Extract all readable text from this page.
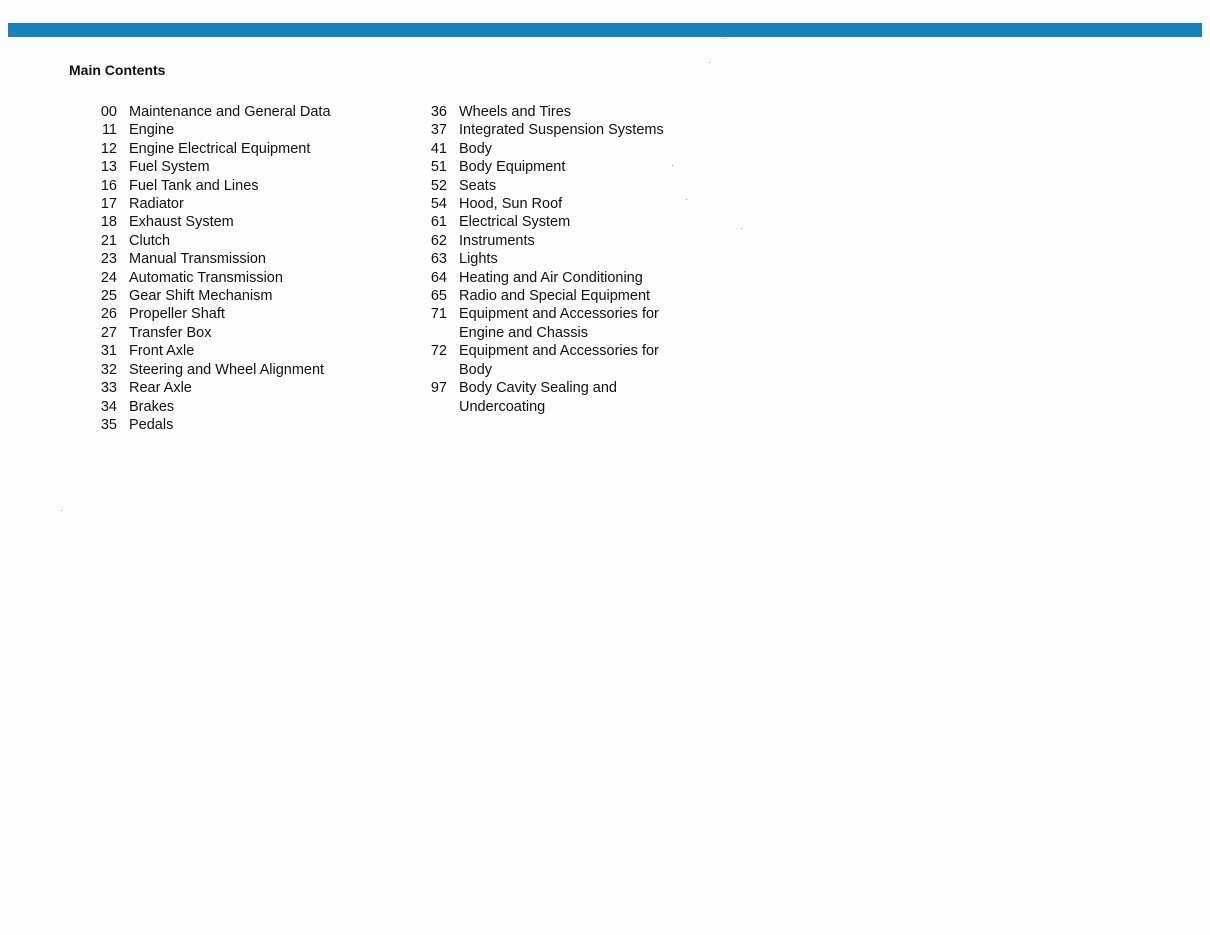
Main Contents
00 Maintenance and General Data
11 Engine
12 Engine Electrical Equipment
13 Fuel System
16 Fuel Tank and Lines
17 Radiator
18 Exhaust System
21 Clutch
23 Manual Transmission
24 Automatic Transmission
25 Gear Shift Mechanism
26 Propeller Shaft
27 Transfer Box
31 Front Axle
32 Steering and Wheel Alignment
33 Rear Axle
34 Brakes
35 Pedals
36 Wheels and Tires
37 Integrated Suspension Systems
41 Body
51 Body Equipment
52 Seats
54 Hood, Sun Roof
61 Electrical System
62 Instruments
63 Lights
64 Heating and Air Conditioning
65 Radio and Special Equipment
71 Equipment and Accessories for Engine and Chassis
72 Equipment and Accessories for Body
97 Body Cavity Sealing and Undercoating
